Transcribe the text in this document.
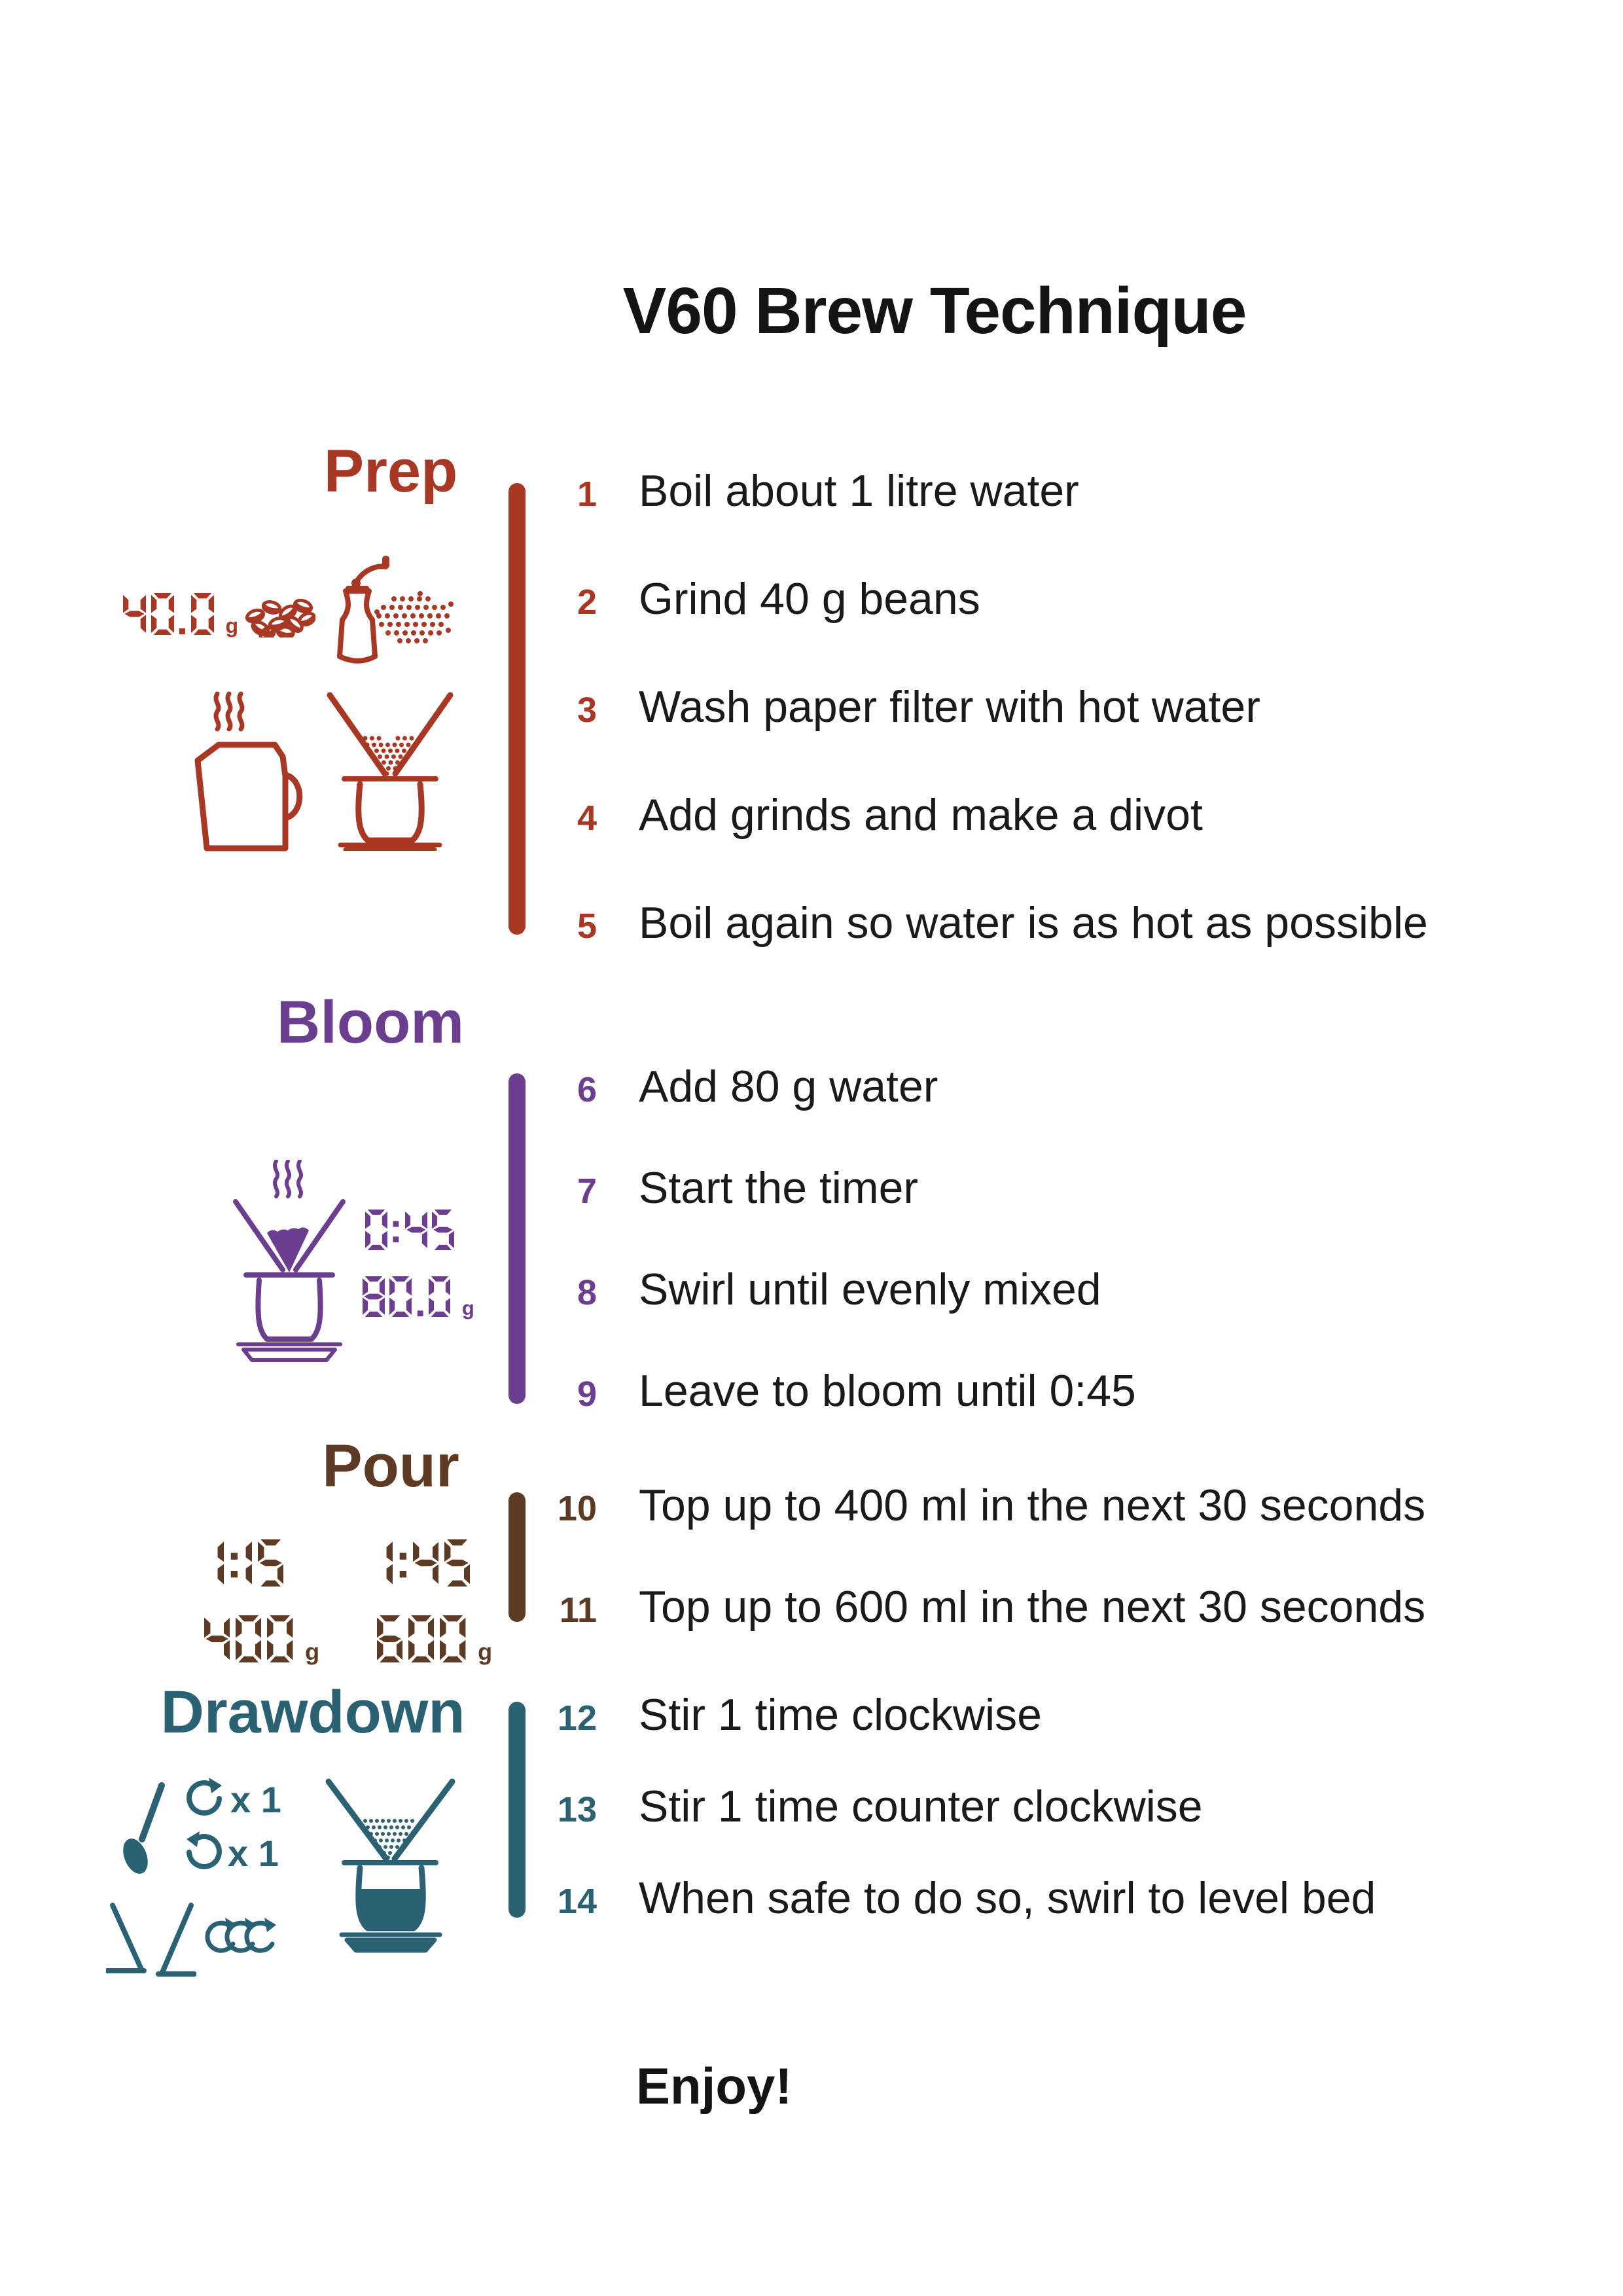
V60 Brew Technique
Prep	1 Boil about 1 litre water
2 Grind 40 g beans
3 Wash paper filter with hot water
4 Add grinds and make a divot
5 Boil again so water is as hot as possible
g
Bloom
6 Add 80 g water
7 Start the timer
8 Swirl until evenly mixed
9 Leave to bloom until 0:45
g
Pour
10 Top up to 400 ml in the next 30 seconds
11 Top up to 600 ml in the next 30 seconds
g	g
Drawdown	12 Stir 1 time clockwise
13 Stir 1 time counter clockwise
14 When safe to do so, swirl to level bed
x 1
x 1
Enjoy!
